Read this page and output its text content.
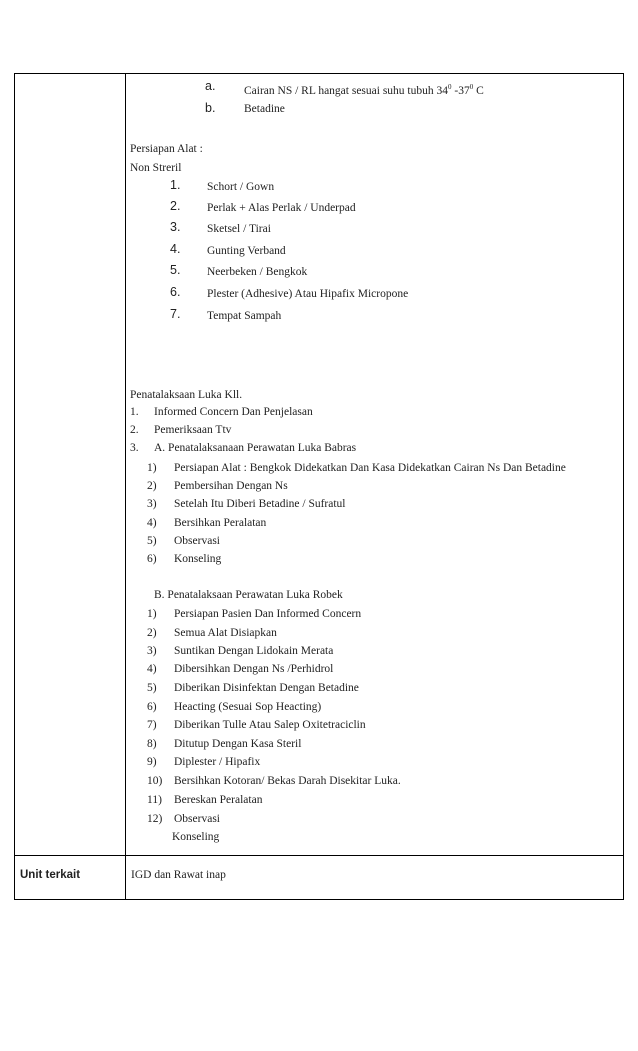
a. Cairan NS / RL hangat sesuai suhu tubuh $34^0$ $-37^0$ C
b. Betadine
Persiapan Alat :
Non Streril
1. Schort / Gown
2. Perlak + Alas Perlak / Underpad
3. Sketsel / Tirai
4. Gunting Verband
5. Neerbeken / Bengkok
6. Plester (Adhesive) Atau Hipafix Micropone
7. Tempat Sampah
Penatalaksaan Luka Kll.
1. Informed Concern Dan Penjelasan
2. Pemeriksaan Ttv
3. A. Penatalaksanaan Perawatan Luka Babras
1) Persiapan Alat : Bengkok Didekatkan Dan Kasa Didekatkan Cairan Ns Dan Betadine
2) Pembersihan Dengan Ns
3) Setelah Itu Diberi Betadine / Sufratul
4) Bersihkan Peralatan
5) Observasi
6) Konseling
B. Penatalaksaan Perawatan Luka Robek
1) Persiapan Pasien Dan Informed Concern
2) Semua Alat Disiapkan
3) Suntikan Dengan Lidokain Merata
4) Dibersihkan Dengan Ns /Perhidrol
5) Diberikan Disinfektan Dengan Betadine
6) Heacting (Sesuai Sop Heacting)
7) Diberikan Tulle Atau Salep Oxitetraciclin
8) Ditutup Dengan Kasa Steril
9) Diplester / Hipafix
10) Bersihkan Kotoran/ Bekas Darah Disekitar Luka.
11) Bereskan Peralatan
12) Observasi
Konseling
Unit terkait	IGD dan Rawat inap
